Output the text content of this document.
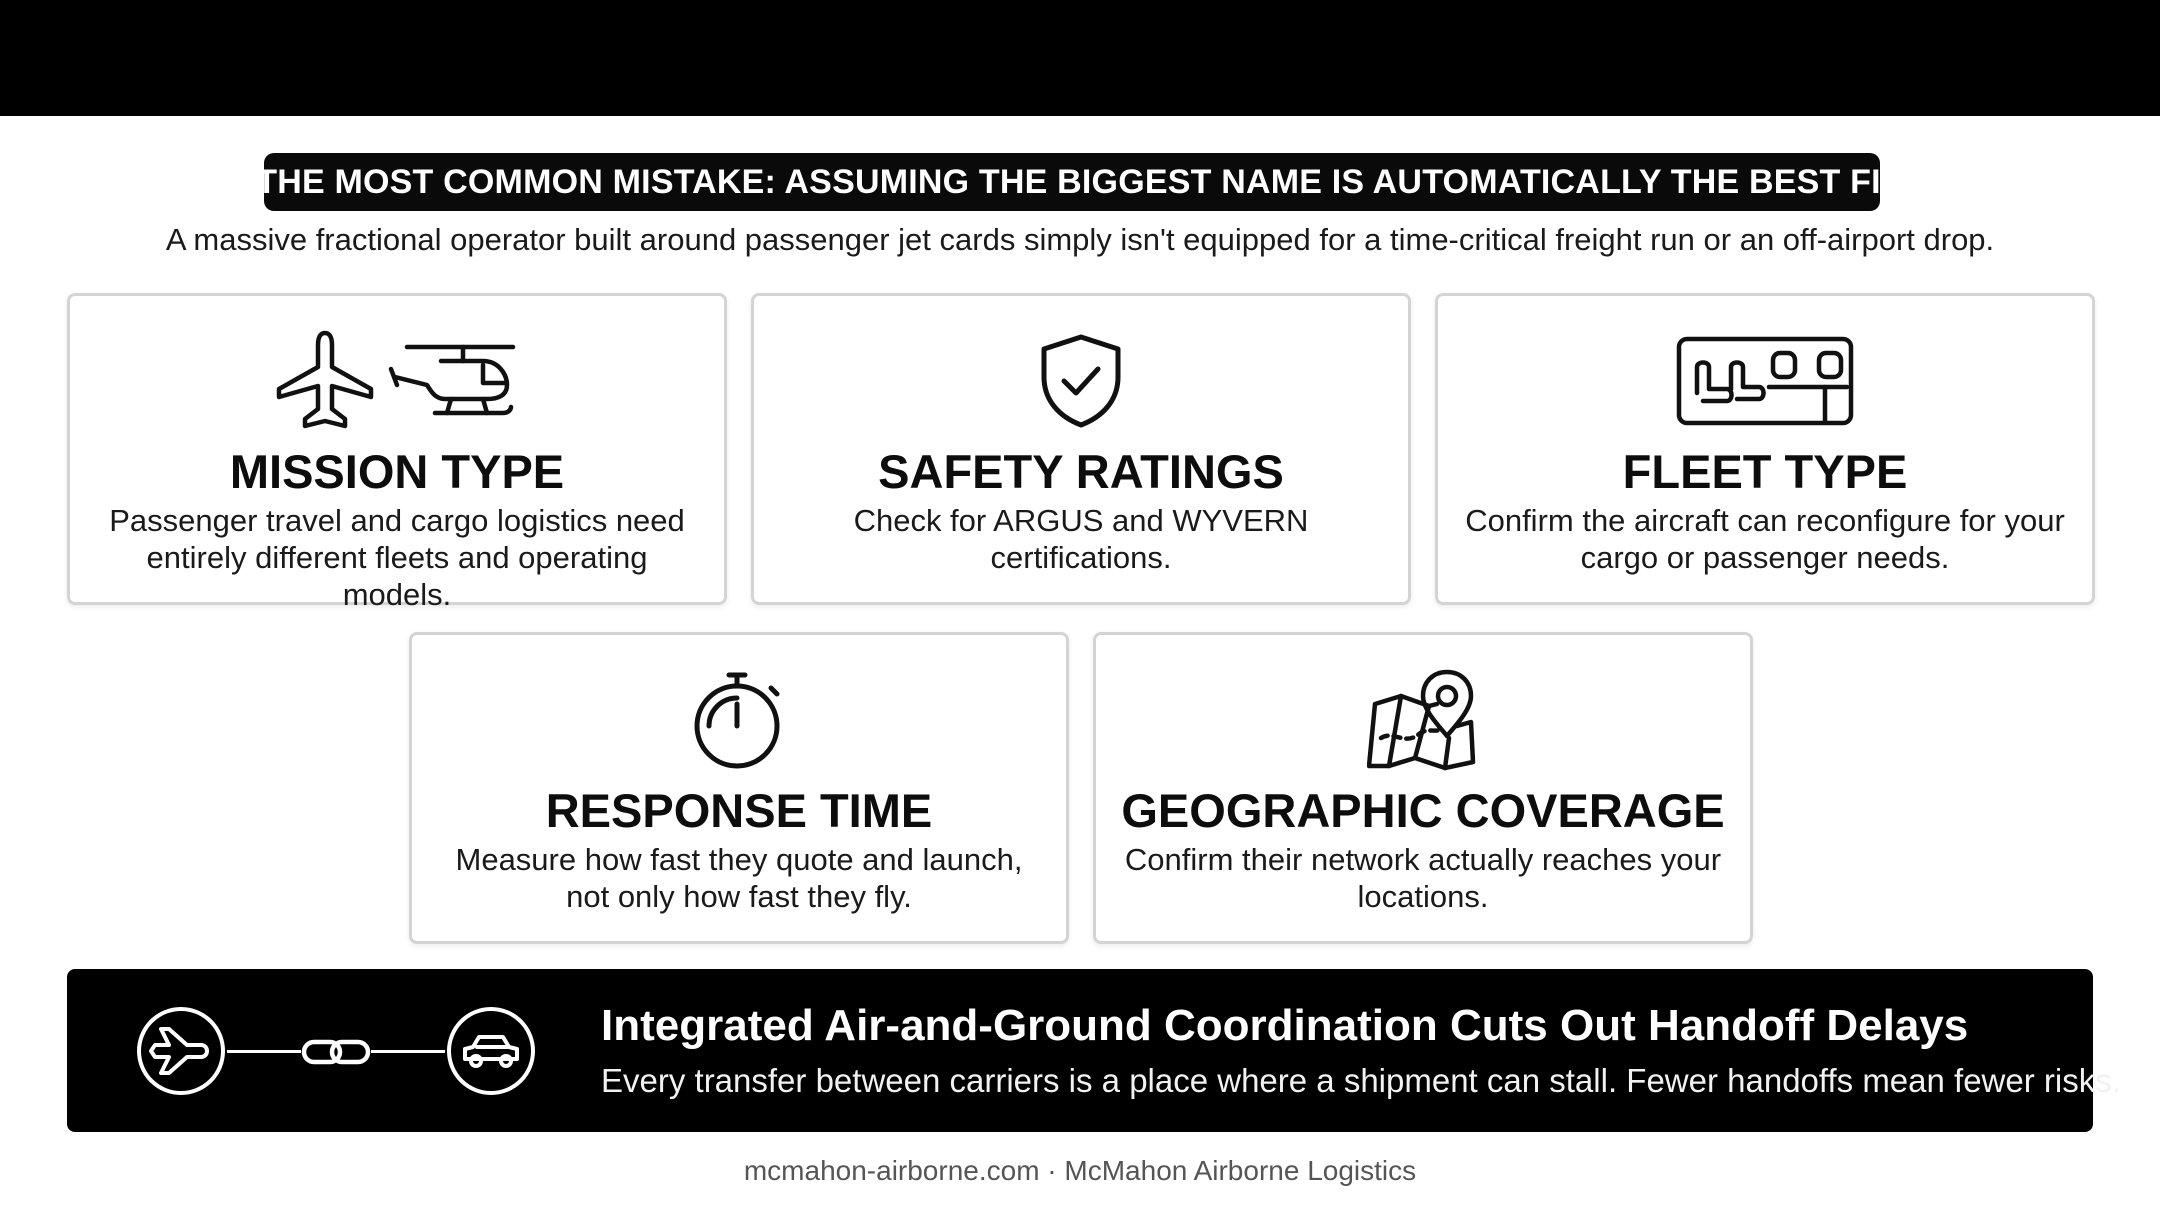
THE MOST COMMON MISTAKE: ASSUMING THE BIGGEST NAME IS AUTOMATICALLY THE BEST FIT
A massive fractional operator built around passenger jet cards simply isn't equipped for a time-critical freight run or an off-airport drop.
MISSION TYPE
Passenger travel and cargo logistics need entirely different fleets and operating models.
SAFETY RATINGS
Check for ARGUS and WYVERN certifications.
FLEET TYPE
Confirm the aircraft can reconfigure for your cargo or passenger needs.
RESPONSE TIME
Measure how fast they quote and launch, not only how fast they fly.
GEOGRAPHIC COVERAGE
Confirm their network actually reaches your locations.
Integrated Air-and-Ground Coordination Cuts Out Handoff Delays
Every transfer between carriers is a place where a shipment can stall. Fewer handoffs mean fewer risks.
mcmahon-airborne.com · McMahon Airborne Logistics
